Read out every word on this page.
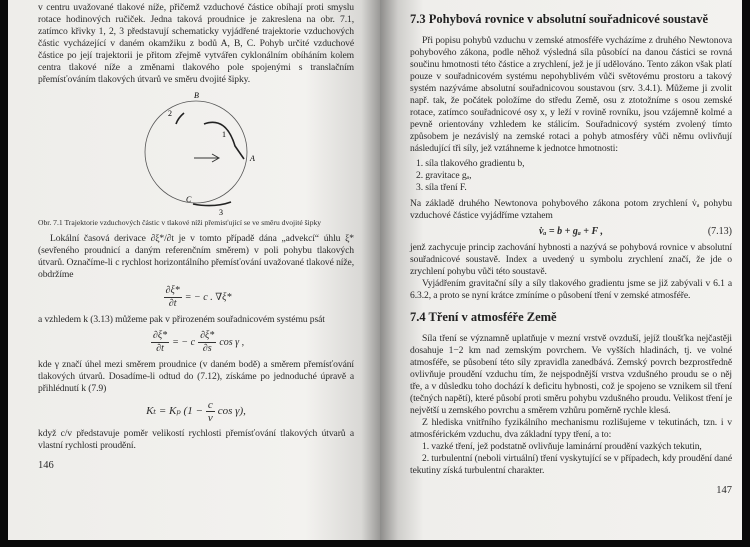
v centru uvažované tlakové níže, přičemž vzduchové částice obíhají proti smyslu rotace hodinových ručiček. Jedna taková proudnice je zakreslena na obr. 7.1, zatímco křivky 1, 2, 3 představují schematicky vyjádřené trajektorie vzduchových částic vycházející v daném okamžiku z bodů A, B, C. Pohyb určité vzduchové částice po její trajektorii je přitom zřejmě vytvářen cyklonálním obíháním kolem centra tlakové níže a změnami tlakového pole spojenými s translačním přemísťováním tlakových útvarů ve směru dvojité šipky.

B
A
C
1
2
3
Obr. 7.1 Trajektorie vzduchových částic v tlakové níži přemisťující se ve směru dvojité šipky

Lokální časová derivace ∂ξ*/∂t je v tomto případě dána „advekcí“ úhlu ξ* (sevřeného proudnicí a daným referenčním směrem) v poli pohybu tlakových útvarů. Označíme-li c rychlost horizontálního přemísťování uvažované tlakové níže, obdržíme

$\frac{\partial\xi*}{\partial t}$ = − c . ∇ξ*

a vzhledem k (3.13) můžeme pak v přirozeném souřadnicovém systému psát

$\frac{\partial\xi*}{\partial t}$ = − c $\frac{\partial\xi*}{\partial s}$ cos γ ,

kde γ značí úhel mezi směrem proudnice (v daném bodě) a směrem přemísťování tlakových útvarů. Dosadíme-li odtud do (7.12), získáme po jednoduché úpravě a přihlédnutí k (7.9)

Kₜ = Kₚ ($1 - \frac{c}{v}$ cos γ),

když c/v představuje poměr velikostí rychlosti přemísťování tlakových útvarů a vlastní rychlosti proudění.

146
7.3 Pohybová rovnice v absolutní souřadnicové soustavě

Při popisu pohybů vzduchu v zemské atmosféře vycházíme z druhého Newtonova pohybového zákona, podle něhož výsledná síla působící na danou částici se rovná součinu hmotnosti této částice a zrychlení, jež je jí udělováno. Tento zákon však platí pouze v souřadnicovém systému nepohyblivém vůči světovému prostoru a takový systém nazýváme absolutní souřadnicovou soustavou (srv. 3.4.1). Můžeme ji zvolit např. tak, že počátek položíme do středu Země, osu z ztotožníme s osou zemské rotace, zatímco souřadnicové osy x, y leží v rovině rovníku, jsou vzájemně kolmé a pevně orientovány vzhledem ke stálicím. Souřadnicový systém zvolený tímto způsobem je nezávislý na zemské rotaci a pohyb atmosféry vůči němu ovlivňují následující tři síly, jež vztáhneme k jednotce hmotnosti:

1. síla tlakového gradientu b,
2. gravitace gₐ,
3. síla tření F.

Na základě druhého Newtonova pohybového zákona potom zrychlení v̇ₐ pohybu vzduchové částice vyjádříme vztahem

v̇ₐ = b + gₐ + F ,	(7.13)

jenž zachycuje princip zachování hybnosti a nazývá se pohybová rovnice v absolutní souřadnicové soustavě. Index a uvedený u symbolu zrychlení značí, že jde o zrychlení pohybu vůči této soustavě.

Vyjádřením gravitační síly a síly tlakového gradientu jsme se již zabývali v 6.1 a 6.3.2, a proto se nyní krátce zmíníme o působení tření v zemské atmosféře.

7.4 Tření v atmosféře Země

Síla tření se významně uplatňuje v mezní vrstvě ovzduší, jejíž tloušťka nejčastěji dosahuje 1−2 km nad zemským povrchem. Ve vyšších hladinách, tj. ve volné atmosféře, se působení této síly zpravidla zanedbává. Zemský povrch bezprostředně ovlivňuje proudění vzduchu tím, že nejspodnější vrstva vzdušného proudu se o něj tře, a v důsledku toho dochází k deficitu hybnosti, což je spojeno se vznikem sil tření (tečných napětí), které působí proti směru pohybu vzdušného proudu. Velikost tření je největší u zemského povrchu a směrem vzhůru poměrně rychle klesá.

Z hlediska vnitřního fyzikálního mechanismu rozlišujeme v tekutinách, tzn. i v atmosférickém vzduchu, dva základní typy tření, a to:

1. vazké tření, jež podstatně ovlivňuje laminární proudění vazkých tekutin,

2. turbulentní (neboli virtuální) tření vyskytující se v případech, kdy proudění dané tekutiny získá turbulentní charakter.

147
